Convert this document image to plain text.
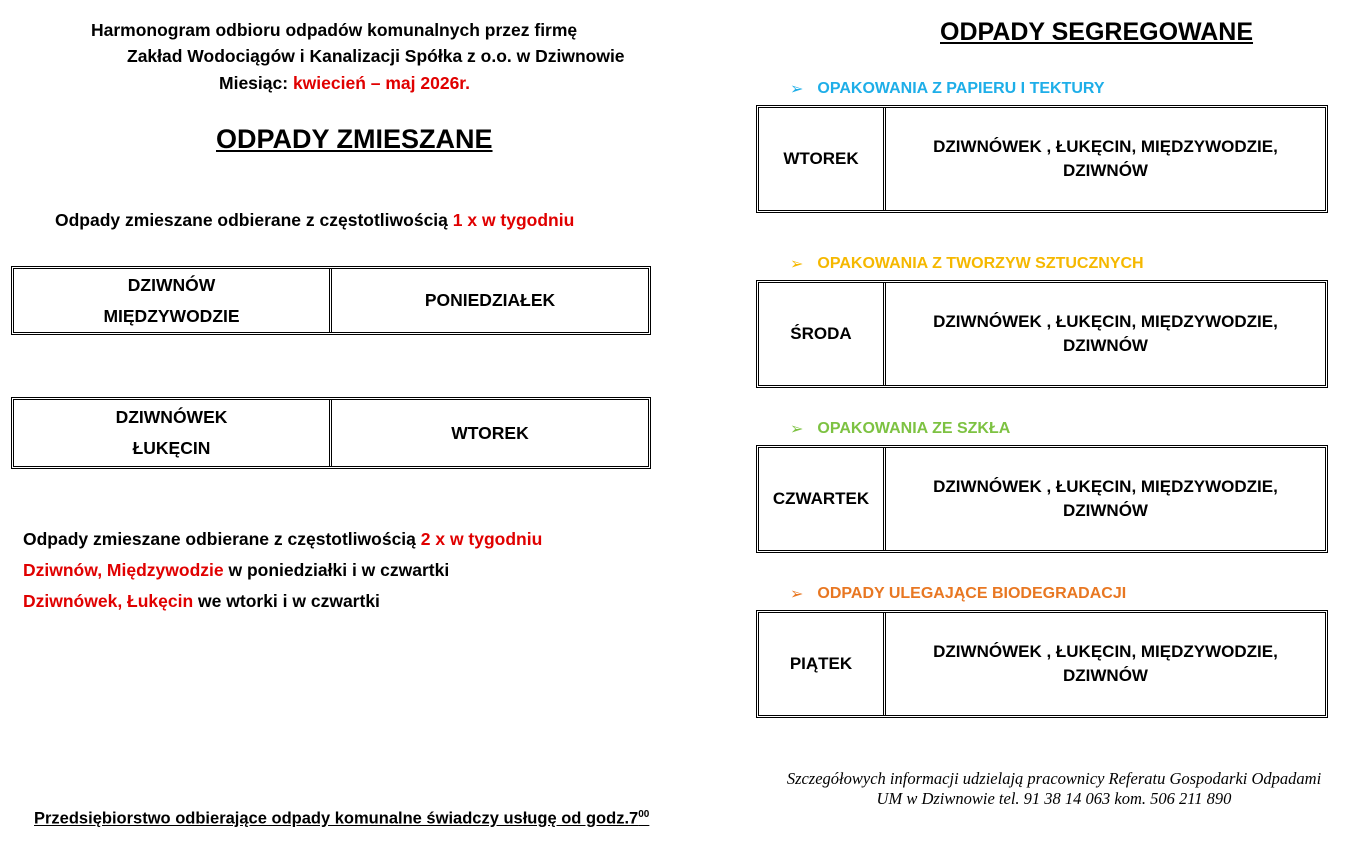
Harmonogram odbioru odpadów komunalnych przez firmę
Zakład Wodociągów i Kanalizacji Spółka z o.o. w Dziwnowie
Miesiąc: kwiecień – maj 2026r.
ODPADY ZMIESZANE
Odpady zmieszane odbierane z częstotliwością 1 x w tygodniu
DZIWNÓW
MIĘDZYWODZIE
PONIEDZIAŁEK
DZIWNÓWEK
ŁUKĘCIN
WTOREK
Odpady zmieszane odbierane z częstotliwością 2 x w tygodniu
Dziwnów, Międzywodzie w poniedziałki i w czwartki
Dziwnówek, Łukęcin we wtorki i w czwartki
Przedsiębiorstwo odbierające odpady komunalne świadczy usługę od $godz.7^{00}$
ODPADY SEGREGOWANE
➢ OPAKOWANIA Z PAPIERU I TEKTURY
WTOREK
DZIWNÓWEK , ŁUKĘCIN, MIĘDZYWODZIE, DZIWNÓW
➢ OPAKOWANIA Z TWORZYW SZTUCZNYCH
ŚRODA
DZIWNÓWEK , ŁUKĘCIN, MIĘDZYWODZIE, DZIWNÓW
➢ OPAKOWANIA ZE SZKŁA
CZWARTEK
DZIWNÓWEK , ŁUKĘCIN, MIĘDZYWODZIE, DZIWNÓW
➢ ODPADY ULEGAJĄCE BIODEGRADACJI
PIĄTEK
DZIWNÓWEK , ŁUKĘCIN, MIĘDZYWODZIE, DZIWNÓW
Szczegółowych informacji udzielają pracownicy Referatu Gospodarki Odpadami
UM w Dziwnowie tel. 91 38 14 063 kom. 506 211 890
